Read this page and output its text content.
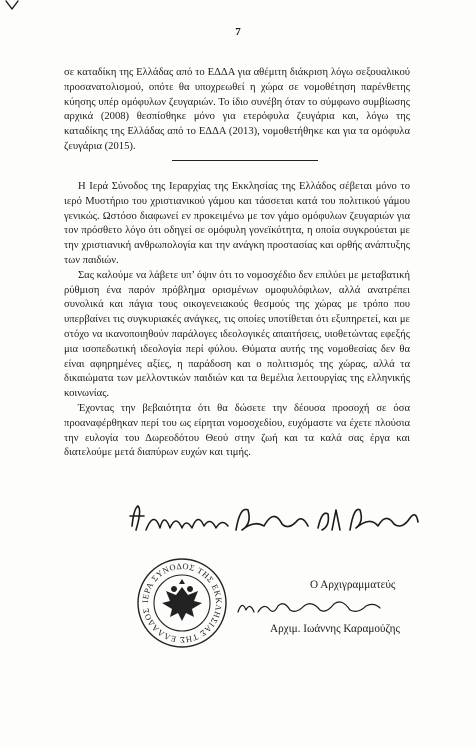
7

σε καταδίκη της Ελλάδας από το ΕΔΔΑ για αθέμιτη διάκριση λόγω σεξουαλικού προσανατολισμού, οπότε θα υποχρεωθεί η χώρα σε νομοθέτηση παρένθετης κύησης υπέρ ομόφυλων ζευγαριών. Το ίδιο συνέβη όταν το σύμφωνο συμβίωσης αρχικά (2008) θεσπίσθηκε μόνο για ετερόφυλα ζευγάρια και, λόγω της καταδίκης της Ελλάδας από το ΕΔΔΑ (2013), νομοθετήθηκε και για τα ομόφυλα ζευγάρια (2015).

Η Ιερά Σύνοδος της Ιεραρχίας της Εκκλησίας της Ελλάδος σέβεται μόνο το ιερό Μυστήριο του χριστιανικού γάμου και τάσσεται κατά του πολιτικού γάμου γενικώς. Ωστόσο διαφωνεί εν προκειμένω με τον γάμο ομόφυλων ζευγαριών για τον πρόσθετο λόγο ότι οδηγεί σε ομόφυλη γονεϊκότητα, η οποία συγκρούεται με την χριστιανική ανθρωπολογία και την ανάγκη προστασίας και ορθής ανάπτυξης των παιδιών.

Σας καλούμε να λάβετε υπ’ όψιν ότι το νομοσχέδιο δεν επιλύει με μεταβατική ρύθμιση ένα παρόν πρόβλημα ορισμένων ομοφυλόφιλων, αλλά ανατρέπει συνολικά και πάγια τους οικογενειακούς θεσμούς της χώρας με τρόπο που υπερβαίνει τις συγκυριακές ανάγκες, τις οποίες υποτίθεται ότι εξυπηρετεί, και με στόχο να ικανοποιηθούν παράλογες ιδεολογικές απαιτήσεις, υιοθετώντας εφεξής μια ισοπεδωτική ιδεολογία περί φύλου. Θύματα αυτής της νομοθεσίας δεν θα είναι αφηρημένες αξίες, η παράδοση και ο πολιτισμός της χώρας, αλλά τα δικαιώματα των μελλοντικών παιδιών και τα θεμέλια λειτουργίας της ελληνικής κοινωνίας.

Έχοντας την βεβαιότητα ότι θα δώσετε την δέουσα προσοχή σε όσα προαναφέρθηκαν περί του ως είρηται νομοσχεδίου, ευχόμαστε να έχετε πλούσια την ευλογία του Δωρεοδότου Θεού στην ζωή και τα καλά σας έργα και διατελούμε μετά διαπύρων ευχών και τιμής.

ΙΕΡΑ ΣΥΝΟΔΟΣ ΤΗΣ ΕΚΚΛΗΣΙΑΣ ΤΗΣ ΕΛΛΑΔΟΣ
Ο Αρχιγραμματεύς
Αρχιμ. Ιωάννης Καραμούζης
